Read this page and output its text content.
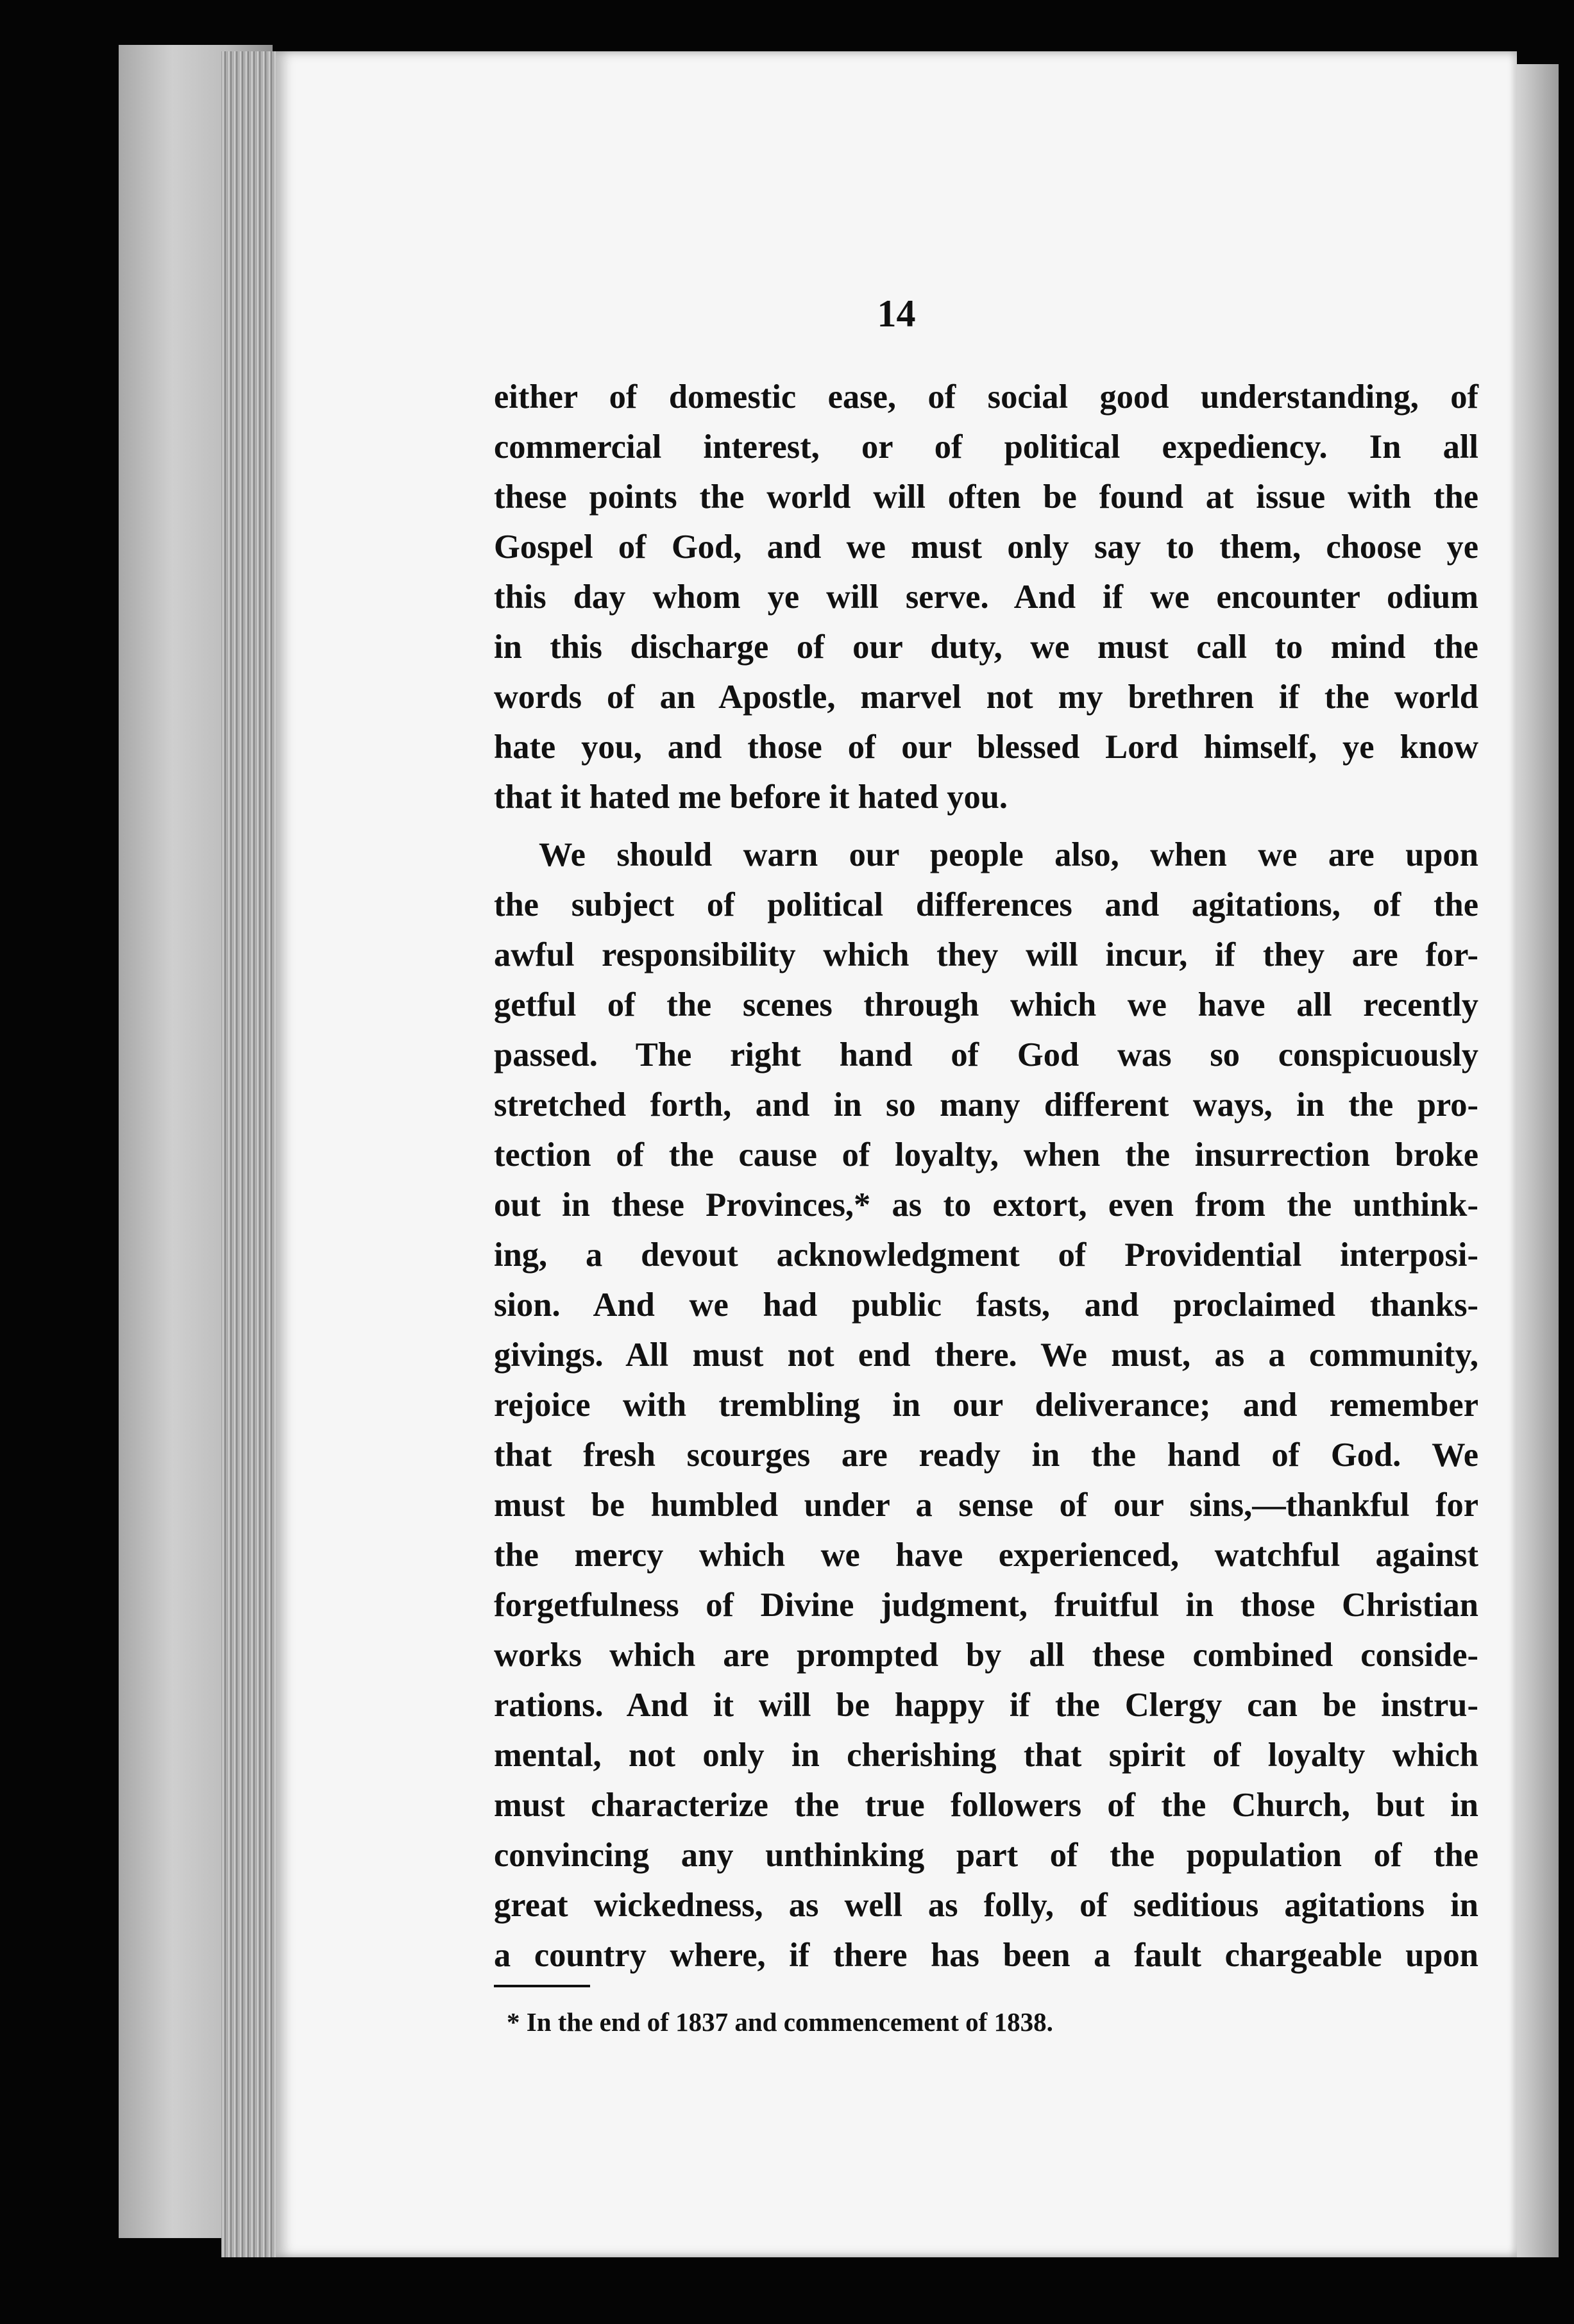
14
either of domestic ease, of social good understanding, of
commercial interest, or of political expediency. In all
these points the world will often be found at issue with the
Gospel of God, and we must only say to them, choose ye
this day whom ye will serve. And if we encounter odium
in this discharge of our duty, we must call to mind the
words of an Apostle, marvel not my brethren if the world
hate you, and those of our blessed Lord himself, ye know
that it hated me before it hated you.
We should warn our people also, when we are upon
the subject of political differences and agitations, of the
awful responsibility which they will incur, if they are for-
getful of the scenes through which we have all recently
passed. The right hand of God was so conspicuously
stretched forth, and in so many different ways, in the pro-
tection of the cause of loyalty, when the insurrection broke
out in these Provinces,* as to extort, even from the unthink-
ing, a devout acknowledgment of Providential interposi-
sion. And we had public fasts, and proclaimed thanks-
givings. All must not end there. We must, as a community,
rejoice with trembling in our deliverance; and remember
that fresh scourges are ready in the hand of God. We
must be humbled under a sense of our sins,—thankful for
the mercy which we have experienced, watchful against
forgetfulness of Divine judgment, fruitful in those Christian
works which are prompted by all these combined conside-
rations. And it will be happy if the Clergy can be instru-
mental, not only in cherishing that spirit of loyalty which
must characterize the true followers of the Church, but in
convincing any unthinking part of the population of the
great wickedness, as well as folly, of seditious agitations in
a country where, if there has been a fault chargeable upon
* In the end of 1837 and commencement of 1838.
